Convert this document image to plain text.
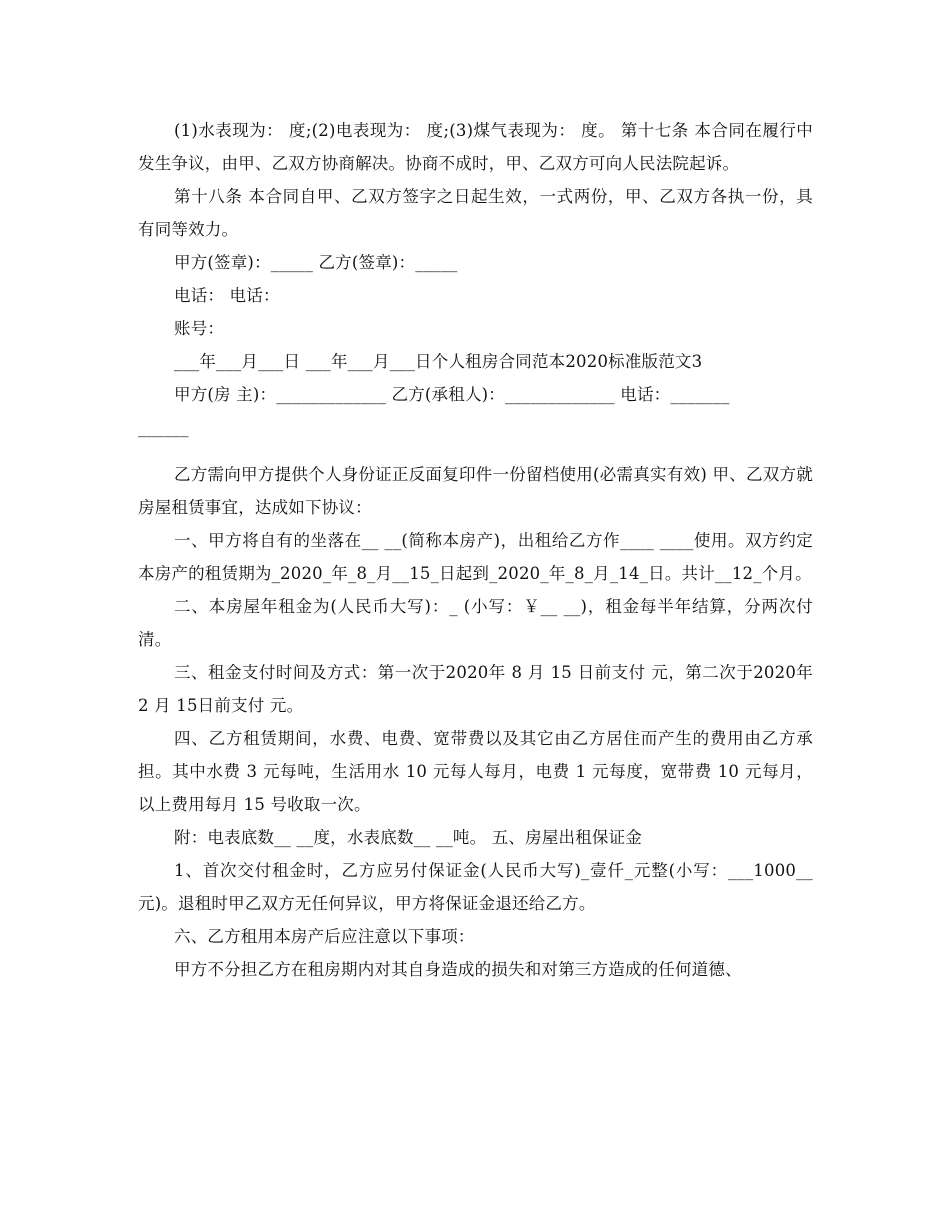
(1)水表现为： 度;(2)电表现为： 度;(3)煤气表现为： 度。 第十七条 本合同在履行中发生争议，由甲、乙双方协商解决。协商不成时，甲、乙双方可向人民法院起诉。

第十八条 本合同自甲、乙双方签字之日起生效，一式两份，甲、乙双方各执一份，具有同等效力。

甲方(签章)：_____ 乙方(签章)：_____

电话： 电话：

账号：

___年___月___日 ___年___月___日个人租房合同范本2020标准版范文3

甲方(房 主)：_____________ 乙方(承租人)：_____________ 电话：_______

______

乙方需向甲方提供个人身份证正反面复印件一份留档使用(必需真实有效) 甲、乙双方就房屋租赁事宜，达成如下协议：

一、甲方将自有的坐落在__ __(简称本房产)，出租给乙方作____ ____使用。双方约定本房产的租赁期为_2020_年_8_月__15_日起到_2020_年_8_月_14_日。共计__12_个月。

二、本房屋年租金为(人民币大写)：_ (小写：￥__ __)，租金每半年结算，分两次付清。

三、租金支付时间及方式：第一次于2020年 8 月 15 日前支付 元，第二次于2020年 2 月 15日前支付 元。

四、乙方租赁期间，水费、电费、宽带费以及其它由乙方居住而产生的费用由乙方承担。其中水费 3 元每吨，生活用水 10 元每人每月，电费 1 元每度，宽带费 10 元每月，以上费用每月 15 号收取一次。

附：电表底数__ __度，水表底数__ __吨。 五、房屋出租保证金

1、首次交付租金时，乙方应另付保证金(人民币大写)_壹仟_元整(小写：___1000__元)。退租时甲乙双方无任何异议，甲方将保证金退还给乙方。

六、乙方租用本房产后应注意以下事项：

甲方不分担乙方在租房期内对其自身造成的损失和对第三方造成的任何道德、
